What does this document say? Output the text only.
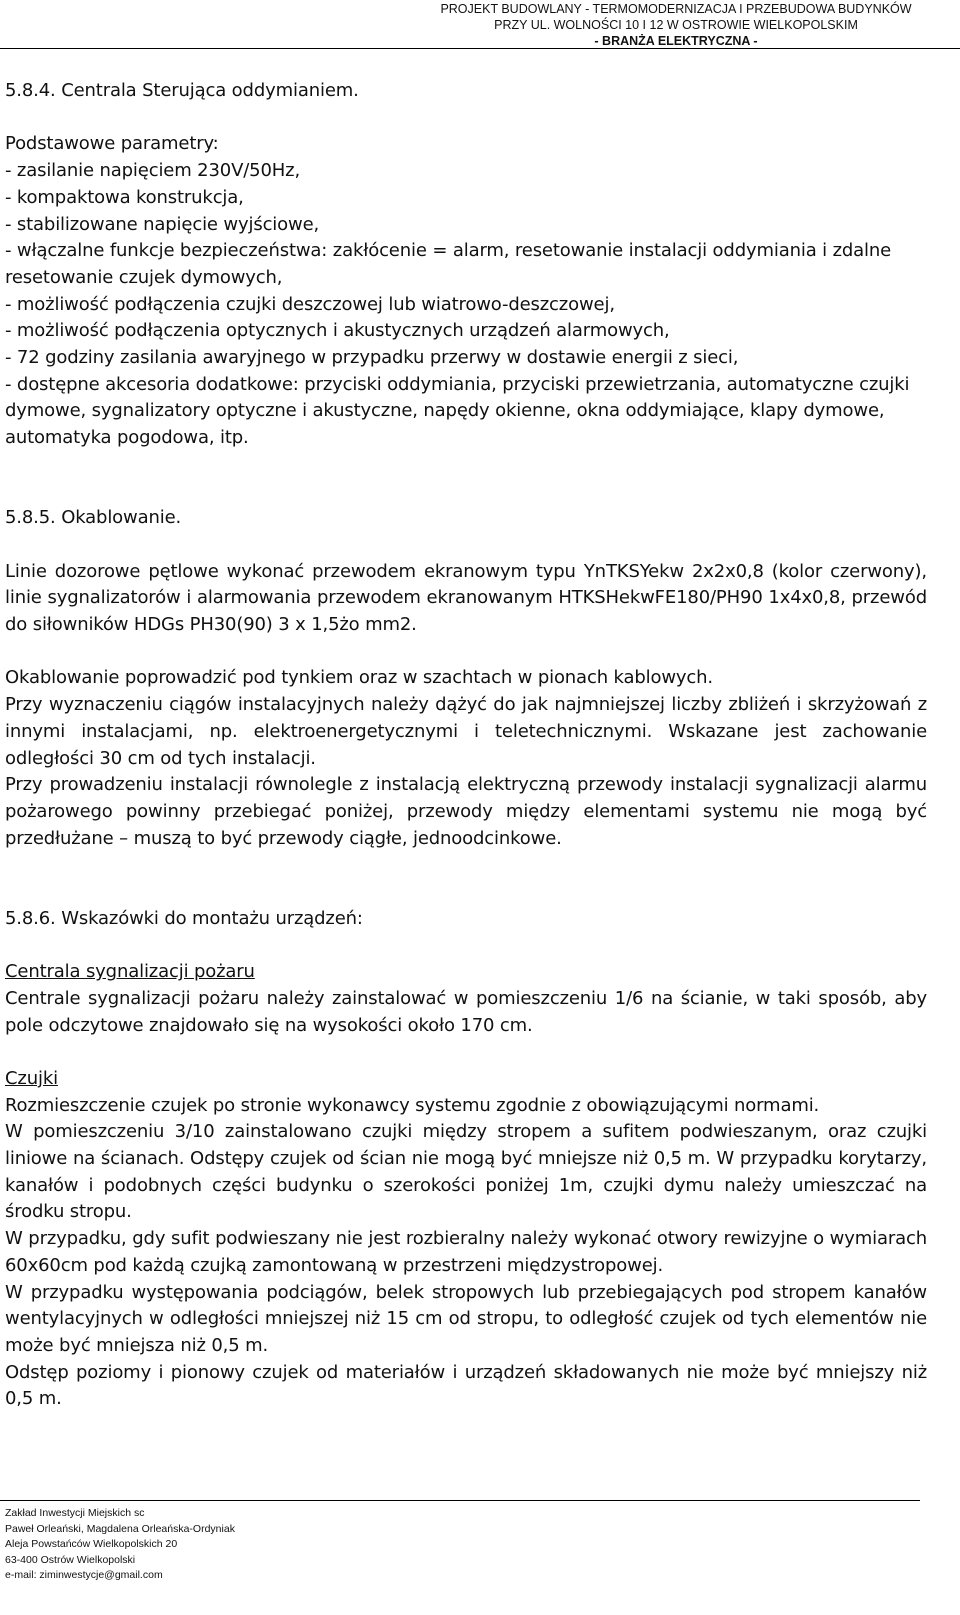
PROJEKT BUDOWLANY - TERMOMODERNIZACJA I PRZEBUDOWA BUDYNKÓW
PRZY UL. WOLNOŚCI 10 I 12 W OSTROWIE WIELKOPOLSKIM
- BRANŻA ELEKTRYCZNA -

5.8.4. Centrala Sterująca oddymianiem.

Podstawowe parametry:

- zasilanie napięciem 230V/50Hz,

- kompaktowa konstrukcja,

- stabilizowane napięcie wyjściowe,

- włączalne funkcje bezpieczeństwa: zakłócenie = alarm, resetowanie instalacji oddymiania i zdalne resetowanie czujek dymowych,

- możliwość podłączenia czujki deszczowej lub wiatrowo-deszczowej,

- możliwość podłączenia optycznych i akustycznych urządzeń alarmowych,

- 72 godziny zasilania awaryjnego w przypadku przerwy w dostawie energii z sieci,

- dostępne akcesoria dodatkowe: przyciski oddymiania, przyciski przewietrzania, automatyczne czujki dymowe, sygnalizatory optyczne i akustyczne, napędy okienne, okna oddymiające, klapy dymowe, automatyka pogodowa, itp.

5.8.5. Okablowanie.

Linie dozorowe pętlowe wykonać przewodem ekranowym typu YnTKSYekw 2x2x0,8 (kolor czerwony), linie sygnalizatorów i alarmowania przewodem ekranowanym HTKSHekwFE180/PH90 1x4x0,8, przewód do siłowników HDGs PH30(90) 3 x 1,5żo mm2.

Okablowanie poprowadzić pod tynkiem oraz w szachtach w pionach kablowych.

Przy wyznaczeniu ciągów instalacyjnych należy dążyć do jak najmniejszej liczby zbliżeń i skrzyżowań z innymi instalacjami, np. elektroenergetycznymi i teletechnicznymi. Wskazane jest zachowanie odległości 30 cm od tych instalacji.

Przy prowadzeniu instalacji równolegle z instalacją elektryczną przewody instalacji sygnalizacji alarmu pożarowego powinny przebiegać poniżej, przewody między elementami systemu nie mogą być przedłużane – muszą to być przewody ciągłe, jednoodcinkowe.

5.8.6. Wskazówki do montażu urządzeń:

Centrala sygnalizacji pożaru

Centrale sygnalizacji pożaru należy zainstalować w pomieszczeniu 1/6 na ścianie, w taki sposób, aby pole odczytowe znajdowało się na wysokości około 170 cm.

Czujki

Rozmieszczenie czujek po stronie wykonawcy systemu zgodnie z obowiązującymi normami.

W pomieszczeniu 3/10 zainstalowano czujki między stropem a sufitem podwieszanym, oraz czujki liniowe na ścianach. Odstępy czujek od ścian nie mogą być mniejsze niż 0,5 m. W przypadku korytarzy, kanałów i podobnych części budynku o szerokości poniżej 1m, czujki dymu należy umieszczać na środku stropu.

W przypadku, gdy sufit podwieszany nie jest rozbieralny należy wykonać otwory rewizyjne o wymiarach 60x60cm pod każdą czujką zamontowaną w przestrzeni międzystropowej.

W przypadku występowania podciągów, belek stropowych lub przebiegających pod stropem kanałów wentylacyjnych w odległości mniejszej niż 15 cm od stropu, to odległość czujek od tych elementów nie może być mniejsza niż 0,5 m.

Odstęp poziomy i pionowy czujek od materiałów i urządzeń składowanych nie może być mniejszy niż 0,5 m.

Zakład Inwestycji Miejskich sc
Paweł Orleański, Magdalena Orleańska-Ordyniak
Aleja Powstańców Wielkopolskich 20
63-400 Ostrów Wielkopolski
e-mail: ziminwestycje@gmail.com
